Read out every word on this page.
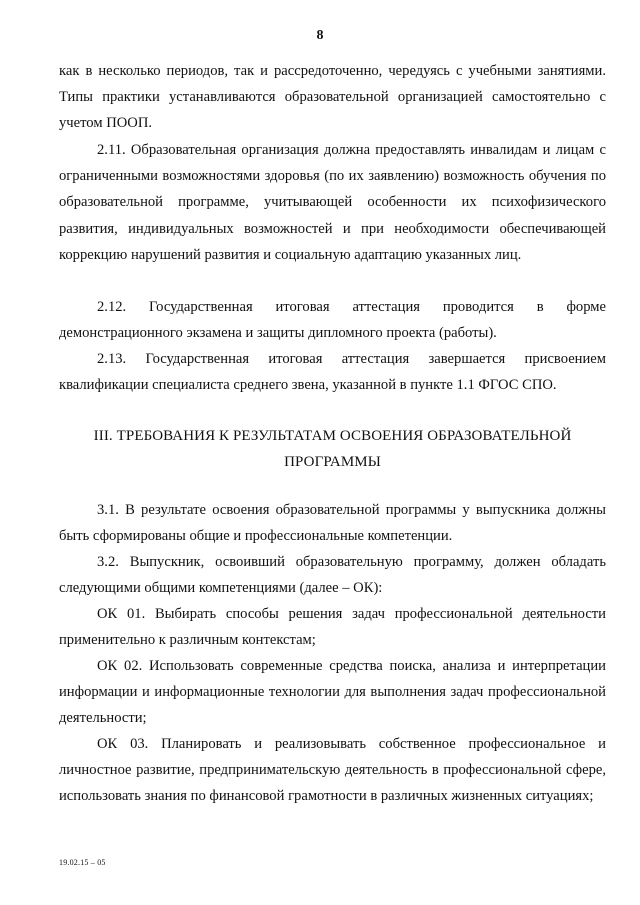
8

как в несколько периодов, так и рассредоточенно, чередуясь с учебными занятиями. Типы практики устанавливаются образовательной организацией самостоятельно с учетом ПООП.

2.11. Образовательная организация должна предоставлять инвалидам и лицам с ограниченными возможностями здоровья (по их заявлению) возможность обучения по образовательной программе, учитывающей особенности их психофизического развития, индивидуальных возможностей и при необходимости обеспечивающей коррекцию нарушений развития и социальную адаптацию указанных лиц.

2.12. Государственная итоговая аттестация проводится в форме демонстрационного экзамена и защиты дипломного проекта (работы).

2.13. Государственная итоговая аттестация завершается присвоением квалификации специалиста среднего звена, указанной в пункте 1.1 ФГОС СПО.

III. ТРЕБОВАНИЯ К РЕЗУЛЬТАТАМ ОСВОЕНИЯ ОБРАЗОВАТЕЛЬНОЙ ПРОГРАММЫ

3.1. В результате освоения образовательной программы у выпускника должны быть сформированы общие и профессиональные компетенции.

3.2. Выпускник, освоивший образовательную программу, должен обладать следующими общими компетенциями (далее – ОК):

ОК 01. Выбирать способы решения задач профессиональной деятельности применительно к различным контекстам;

ОК 02. Использовать современные средства поиска, анализа и интерпретации информации и информационные технологии для выполнения задач профессиональной деятельности;

ОК 03. Планировать и реализовывать собственное профессиональное и личностное развитие, предпринимательскую деятельность в профессиональной сфере, использовать знания по финансовой грамотности в различных жизненных ситуациях;

19.02.15 – 05
